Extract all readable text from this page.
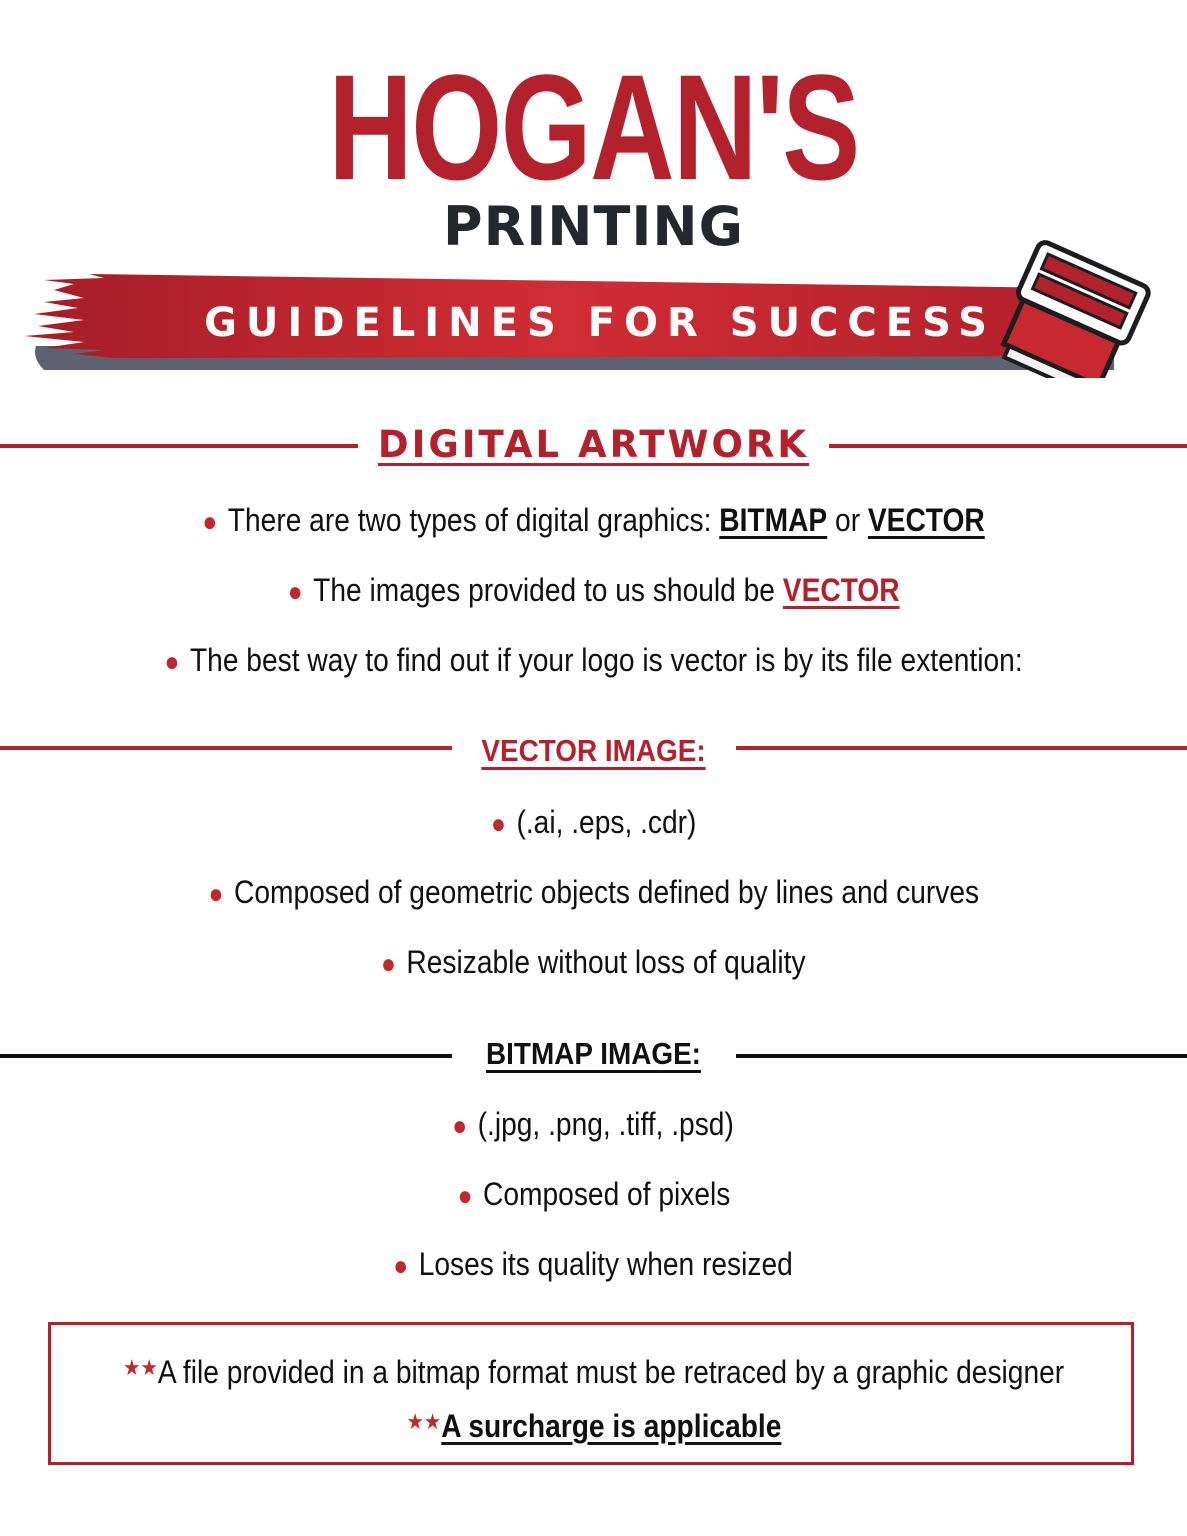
HOGAN'S
PRINTING
GUIDELINES FOR SUCCESS
DIGITAL ARTWORK
● There are two types of digital graphics: BITMAP or VECTOR
● The images provided to us should be VECTOR
● The best way to find out if your logo is vector is by its file extention:
VECTOR IMAGE:
● (.ai, .eps, .cdr)
● Composed of geometric objects defined by lines and curves
● Resizable without loss of quality
BITMAP IMAGE:
● (.jpg, .png, .tiff, .psd)
● Composed of pixels
● Loses its quality when resized
★★A file provided in a bitmap format must be retraced by a graphic designer
★★A surcharge is applicable
